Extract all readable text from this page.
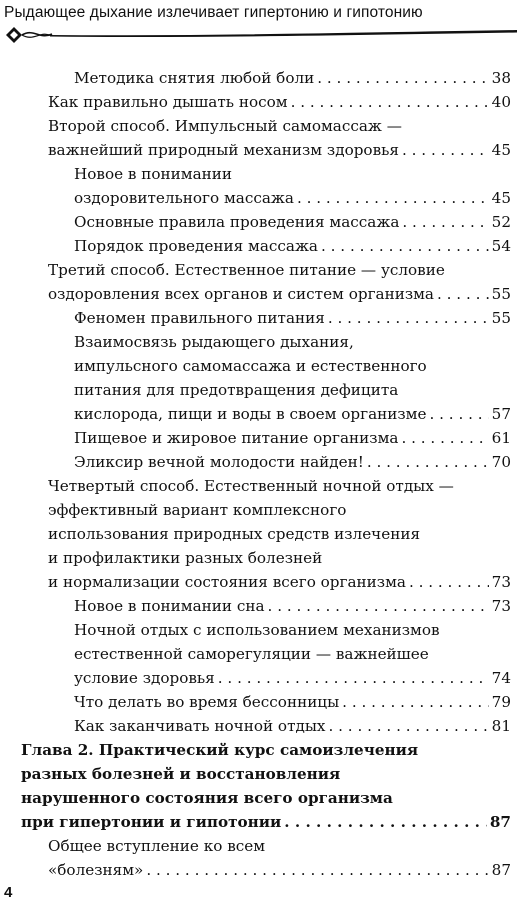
Рыдающее дыхание излечивает гипертонию и гипотонию
Методика снятия любой боли . . .	38
Как правильно дышать носом . . .	40
Второй способ. Импульсный самомассаж —
важнейший природный механизм здоровья . . .	45
Новое в понимании
оздоровительного массажа . . .	45
Основные правила проведения массажа . . .	52
Порядок проведения массажа . . .	54
Третий способ. Естественное питание — условие
оздоровления всех органов и систем организма . . .	55
Феномен правильного питания . . .	55
Взаимосвязь рыдающего дыхания,
импульсного самомассажа и естественного
питания для предотвращения дефицита
кислорода, пищи и воды в своем организме . . .	57
Пищевое и жировое питание организма . . .	61
Эликсир вечной молодости найден! . . .	70
Четвертый способ. Естественный ночной отдых —
эффективный вариант комплексного
использования природных средств излечения
и профилактики разных болезней
и нормализации состояния всего организма . . .	73
Новое в понимании сна . . .	73
Ночной отдых с использованием механизмов
естественной саморегуляции — важнейшее
условие здоровья . . .	74
Что делать во время бессонницы . . .	79
Как заканчивать ночной отдых . . .	81
Глава 2. Практический курс самоизлечения
разных болезней и восстановления
нарушенного состояния всего организма
при гипертонии и гипотонии . . .	87
Общее вступление ко всем
«болезням» . . .	87
4
